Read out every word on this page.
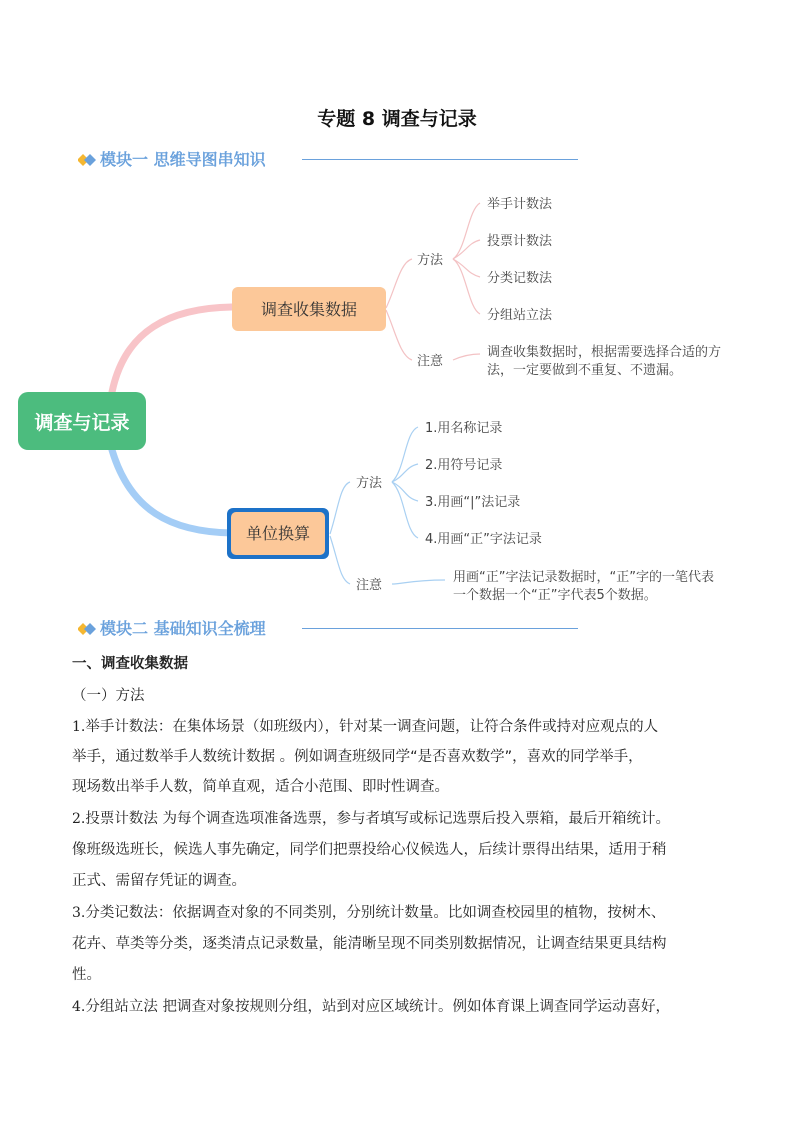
专题 8 调查与记录
模块一 思维导图串知识
调查与记录
调查收集数据
单位换算
方法
注意
举手计数法
投票计数法
分类记数法
分组站立法
调查收集数据时，根据需要选择合适的方
法，一定要做到不重复、不遗漏。
方法
注意
1.用名称记录
2.用符号记录
3.用画“|”法记录
4.用画“正”字法记录
用画“正”字法记录数据时，“正”字的一笔代表
一个数据一个“正”字代表5个数据。
模块二 基础知识全梳理
一、调查收集数据
（一）方法
1.举手计数法：在集体场景（如班级内），针对某一调查问题，让符合条件或持对应观点的人
举手，通过数举手人数统计数据 。例如调查班级同学“是否喜欢数学”，喜欢的同学举手，
现场数出举手人数，简单直观，适合小范围、即时性调查。
2.投票计数法 为每个调查选项准备选票，参与者填写或标记选票后投入票箱，最后开箱统计。
像班级选班长，候选人事先确定，同学们把票投给心仪候选人，后续计票得出结果，适用于稍
正式、需留存凭证的调查。
3.分类记数法：依据调查对象的不同类别，分别统计数量。比如调查校园里的植物，按树木、
花卉、草类等分类，逐类清点记录数量，能清晰呈现不同类别数据情况，让调查结果更具结构
性。
4.分组站立法 把调查对象按规则分组，站到对应区域统计。例如体育课上调查同学运动喜好，
